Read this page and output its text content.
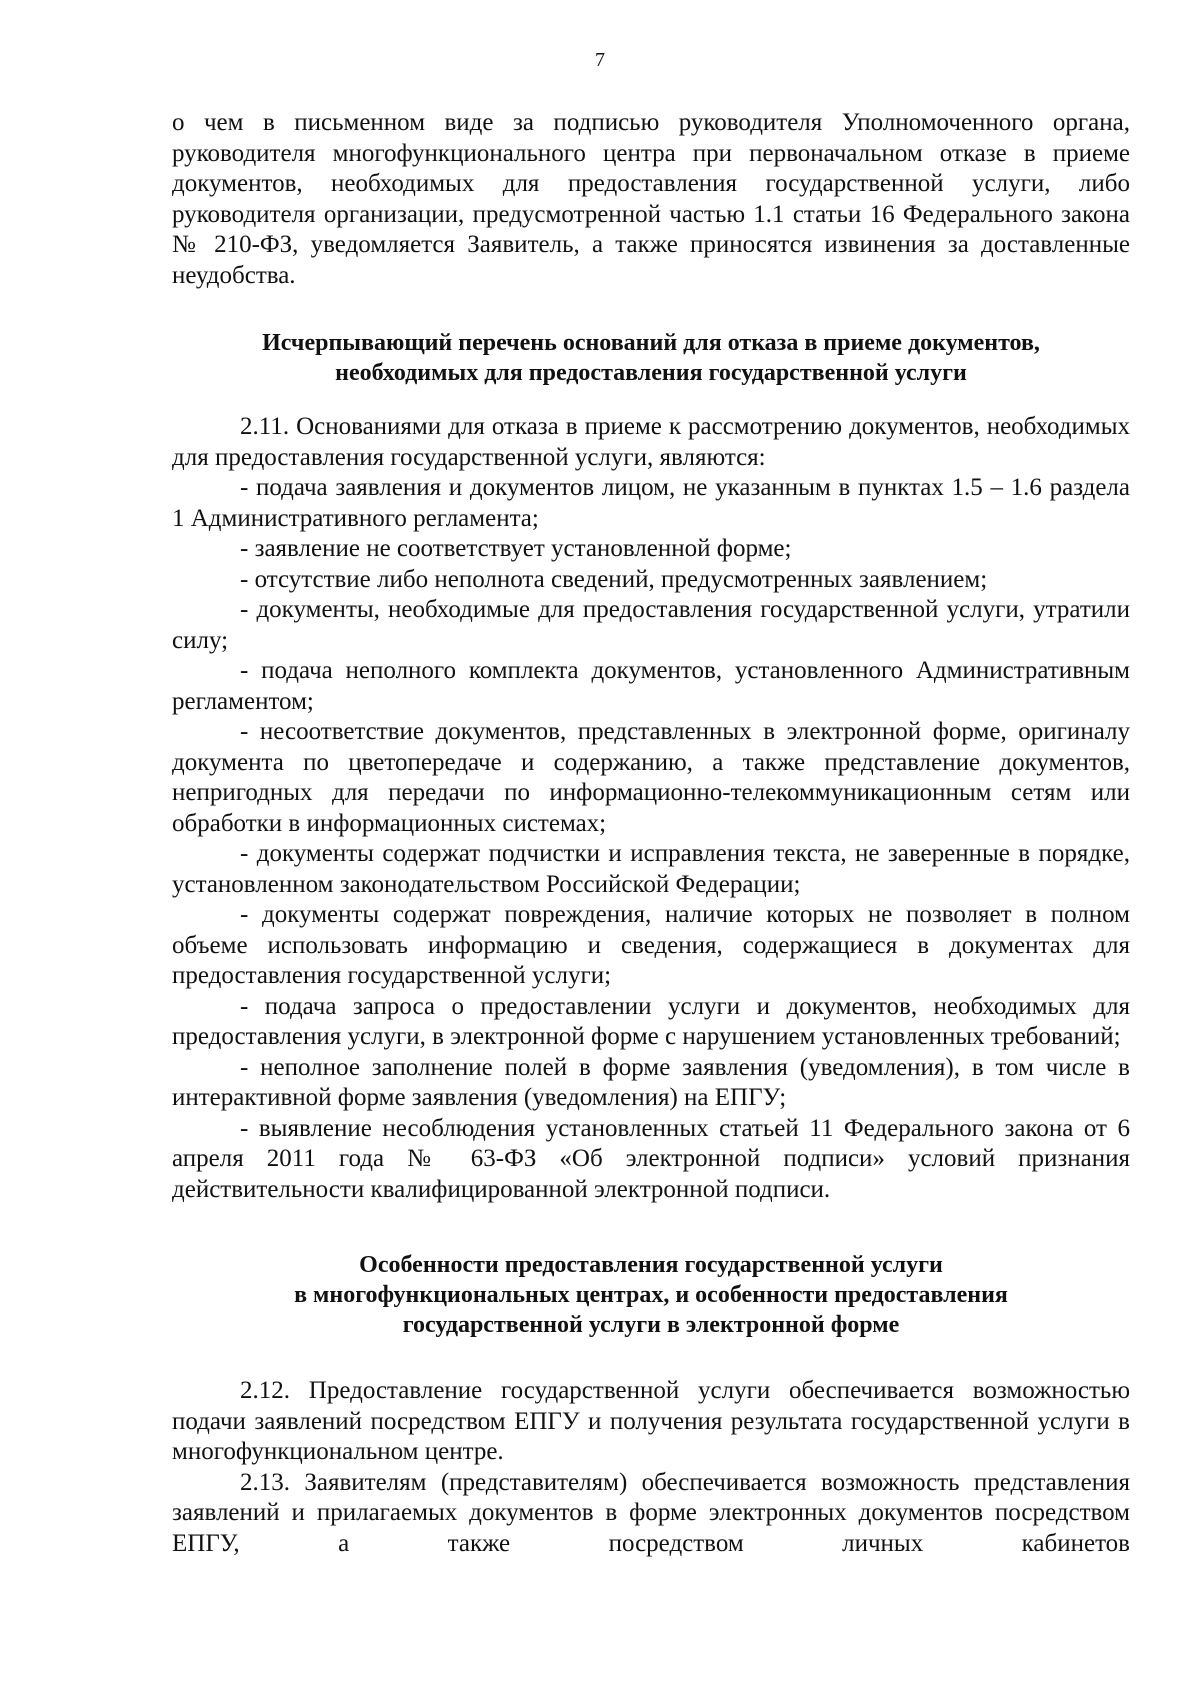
7

о чем в письменном виде за подписью руководителя Уполномоченного органа, руководителя многофункционального центра при первоначальном отказе в приеме документов, необходимых для предоставления государственной услуги, либо руководителя организации, предусмотренной частью 1.1 статьи 16 Федерального закона № 210-ФЗ, уведомляется Заявитель, а также приносятся извинения за доставленные неудобства.

Исчерпывающий перечень оснований для отказа в приеме документов,
необходимых для предоставления государственной услуги

2.11. Основаниями для отказа в приеме к рассмотрению документов, необходимых для предоставления государственной услуги, являются:

- подача заявления и документов лицом, не указанным в пунктах 1.5 – 1.6 раздела 1 Административного регламента;

- заявление не соответствует установленной форме;

- отсутствие либо неполнота сведений, предусмотренных заявлением;

- документы, необходимые для предоставления государственной услуги, утратили силу;

- подача неполного комплекта документов, установленного Административным регламентом;

- несоответствие документов, представленных в электронной форме, оригиналу документа по цветопередаче и содержанию, а также представление документов, непригодных для передачи по информационно-телекоммуникационным сетям или обработки в информационных системах;

- документы содержат подчистки и исправления текста, не заверенные в порядке, установленном законодательством Российской Федерации;

- документы содержат повреждения, наличие которых не позволяет в полном объеме использовать информацию и сведения, содержащиеся в документах для предоставления государственной услуги;

- подача запроса о предоставлении услуги и документов, необходимых для предоставления услуги, в электронной форме с нарушением установленных требований;

- неполное заполнение полей в форме заявления (уведомления), в том числе в интерактивной форме заявления (уведомления) на ЕПГУ;

- выявление несоблюдения установленных статьей 11 Федерального закона от 6 апреля 2011 года № 63-ФЗ «Об электронной подписи» условий признания действительности квалифицированной электронной подписи.

Особенности предоставления государственной услуги
в многофункциональных центрах, и особенности предоставления
государственной услуги в электронной форме

2.12. Предоставление государственной услуги обеспечивается возможностью подачи заявлений посредством ЕПГУ и получения результата государственной услуги в многофункциональном центре.

2.13. Заявителям (представителям) обеспечивается возможность представления заявлений и прилагаемых документов в форме электронных документов посредством ЕПГУ, а также посредством личных кабинетов
